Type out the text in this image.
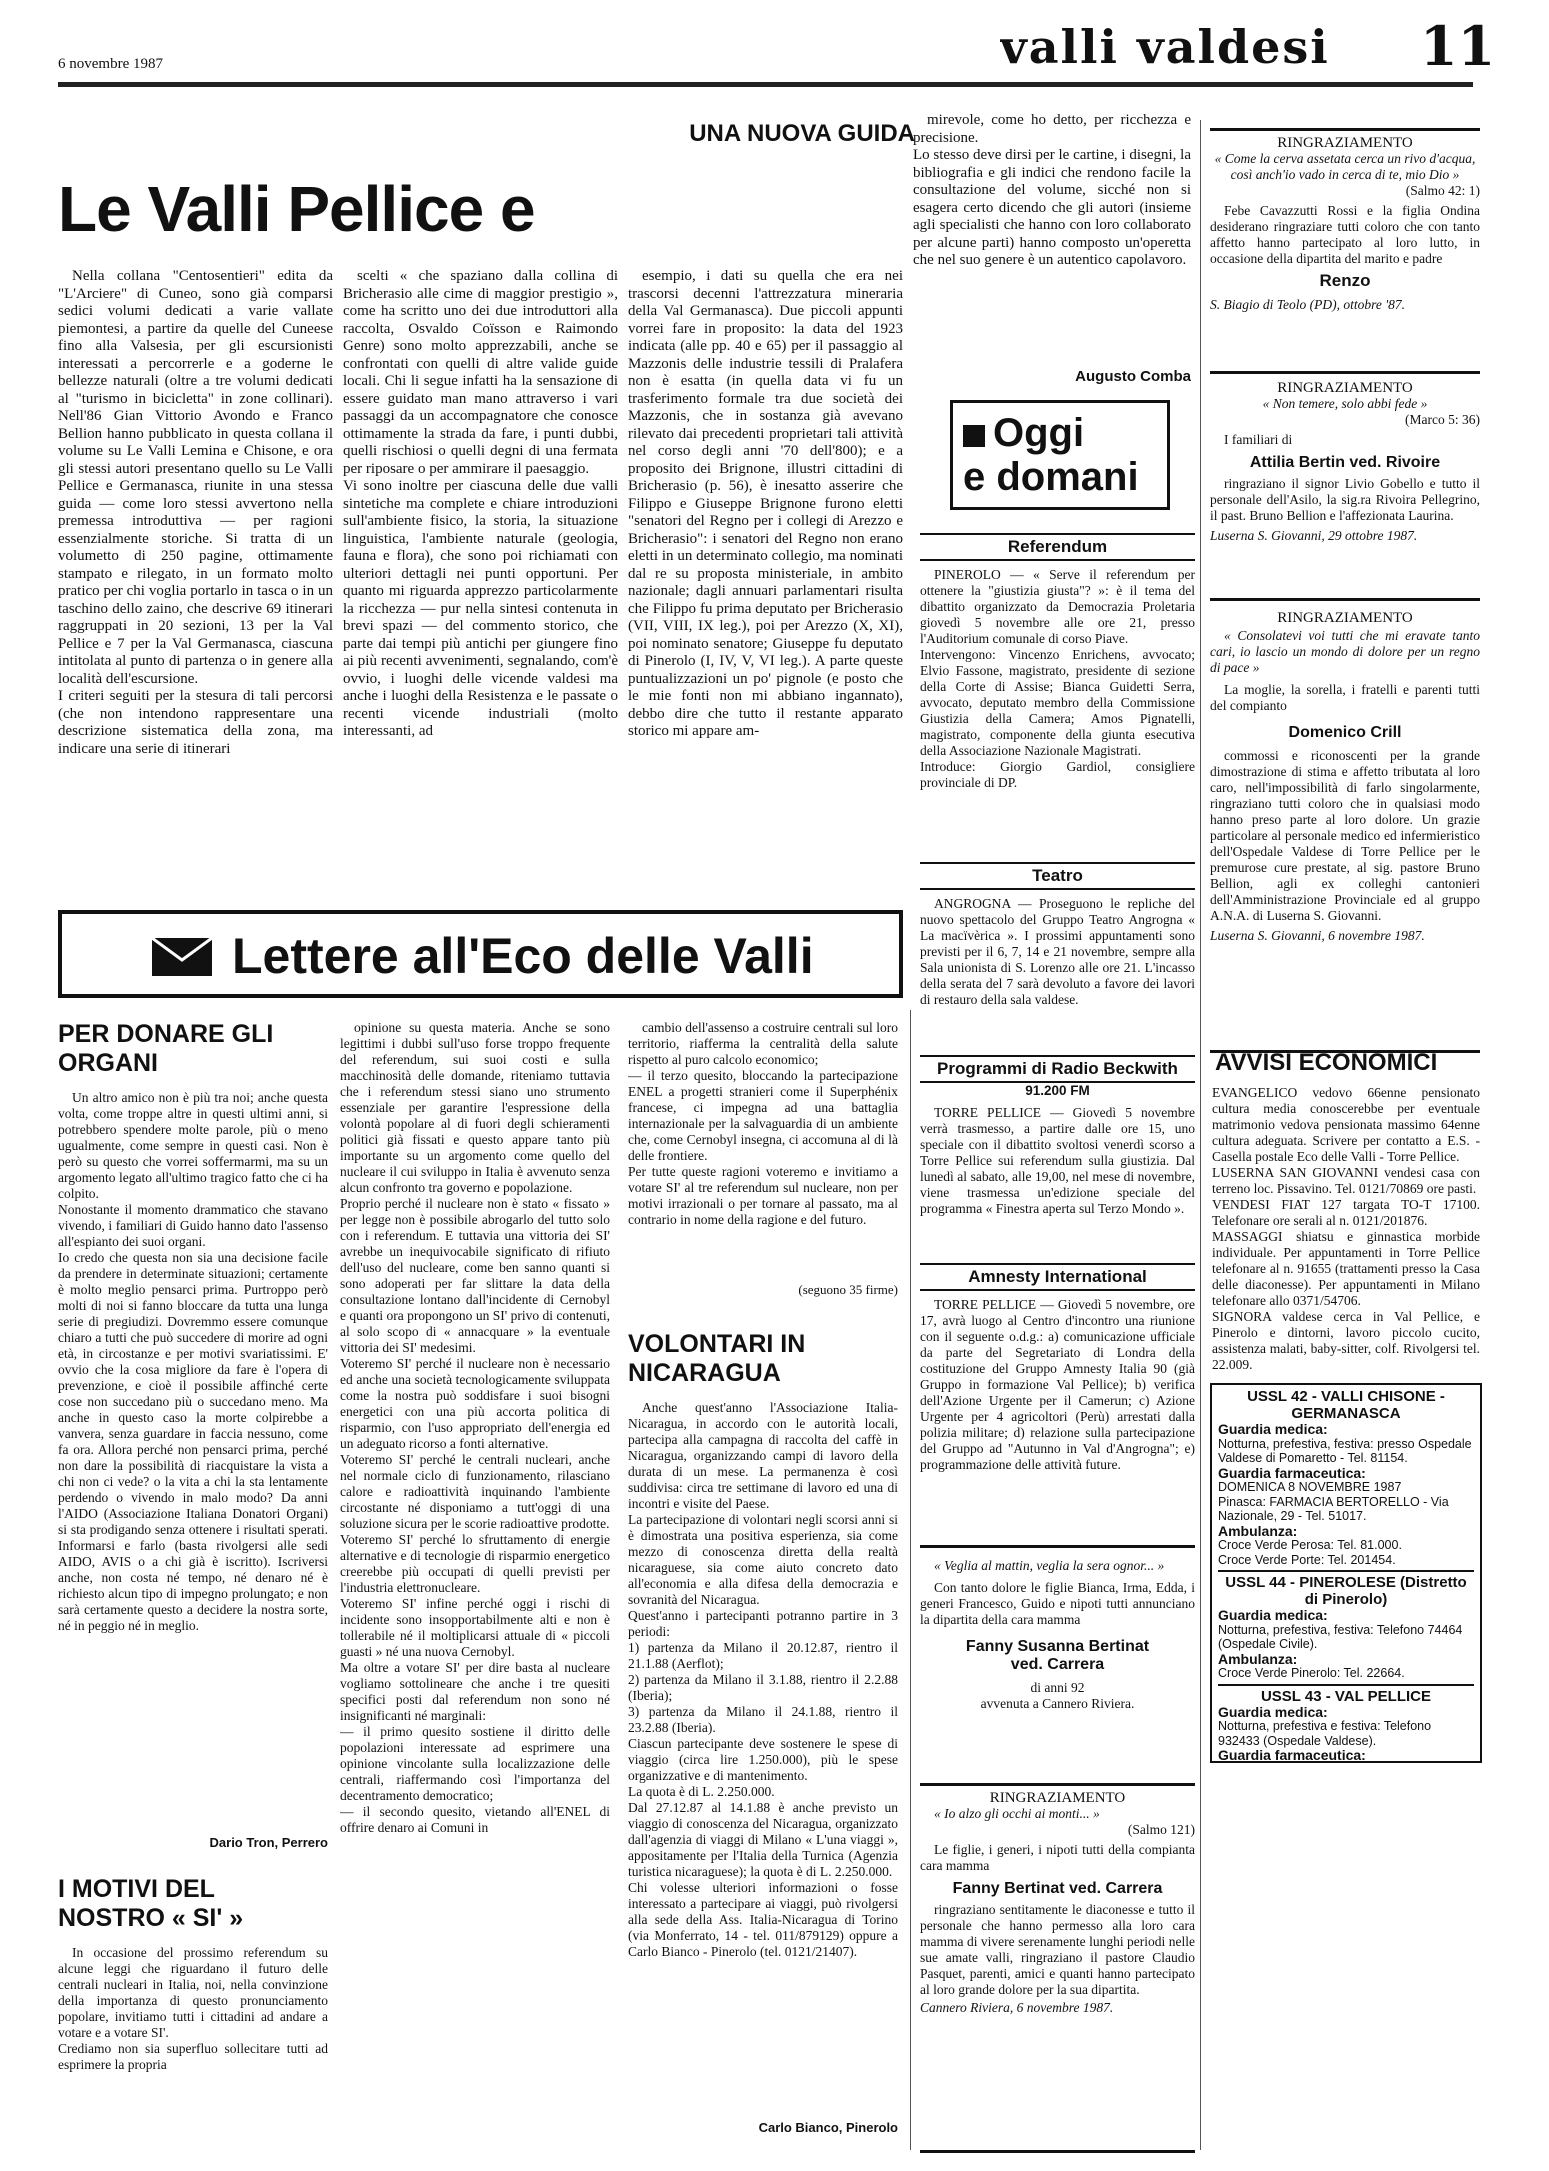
6 novembre 1987	valli valdesi	11
UNA NUOVA GUIDA
Le Valli Pellice e
Nella collana "Centosentieri" edita da "L'Arciere" di Cuneo, sono già comparsi sedici volumi dedicati a varie vallate piemontesi, a partire da quelle del Cuneese fino alla Valsesia, per gli escursionisti interessati a percorrerle e a goderne le bellezze naturali (oltre a tre volumi dedicati al "turismo in bicicletta" in zone collinari). Nell'86 Gian Vittorio Avondo e Franco Bellion hanno pubblicato in questa collana il volume su Le Valli Lemina e Chisone, e ora gli stessi autori presentano quello su Le Valli Pellice e Germanasca, riunite in una stessa guida — come loro stessi avvertono nella premessa introduttiva — per ragioni essenzialmente storiche. Si tratta di un volumetto di 250 pagine, ottimamente stampato e rilegato, in un formato molto pratico per chi voglia portarlo in tasca o in un taschino dello zaino, che descrive 69 itinerari raggruppati in 20 sezioni, 13 per la Val Pellice e 7 per la Val Germanasca, ciascuna intitolata al punto di partenza o in genere alla località dell'escursione.
I criteri seguiti per la stesura di tali percorsi (che non intendono rappresentare una descrizione sistematica della zona, ma indicare una serie di itinerari
scelti « che spaziano dalla collina di Bricherasio alle cime di maggior prestigio », come ha scritto uno dei due introduttori alla raccolta, Osvaldo Coïsson e Raimondo Genre) sono molto apprezzabili, anche se confrontati con quelli di altre valide guide locali. Chi li segue infatti ha la sensazione di essere guidato man mano attraverso i vari passaggi da un accompagnatore che conosce ottimamente la strada da fare, i punti dubbi, quelli rischiosi o quelli degni di una fermata per riposare o per ammirare il paesaggio.
Vi sono inoltre per ciascuna delle due valli sintetiche ma complete e chiare introduzioni sull'ambiente fisico, la storia, la situazione linguistica, l'ambiente naturale (geologia, fauna e flora), che sono poi richiamati con ulteriori dettagli nei punti opportuni. Per quanto mi riguarda apprezzo particolarmente la ricchezza — pur nella sintesi contenuta in brevi spazi — del commento storico, che parte dai tempi più antichi per giungere fino ai più recenti avvenimenti, segnalando, com'è ovvio, i luoghi delle vicende valdesi ma anche i luoghi della Resistenza e le passate o recenti vicende industriali (molto interessanti, ad
esempio, i dati su quella che era nei trascorsi decenni l'attrezzatura mineraria della Val Germanasca). Due piccoli appunti vorrei fare in proposito: la data del 1923 indicata (alle pp. 40 e 65) per il passaggio al Mazzonis delle industrie tessili di Pralafera non è esatta (in quella data vi fu un trasferimento formale tra due società dei Mazzonis, che in sostanza già avevano rilevato dai precedenti proprietari tali attività nel corso degli anni '70 dell'800); e a proposito dei Brignone, illustri cittadini di Bricherasio (p. 56), è inesatto asserire che Filippo e Giuseppe Brignone furono eletti "senatori del Regno per i collegi di Arezzo e Bricherasio": i senatori del Regno non erano eletti in un determinato collegio, ma nominati dal re su proposta ministeriale, in ambito nazionale; dagli annuari parlamentari risulta che Filippo fu prima deputato per Bricherasio (VII, VIII, IX leg.), poi per Arezzo (X, XI), poi nominato senatore; Giuseppe fu deputato di Pinerolo (I, IV, V, VI leg.). A parte queste puntualizzazioni un po' pignole (e posto che le mie fonti non mi abbiano ingannato), debbo dire che tutto il restante apparato storico mi appare am-
mirevole, come ho detto, per ricchezza e precisione.
Lo stesso deve dirsi per le cartine, i disegni, la bibliografia e gli indici che rendono facile la consultazione del volume, sicché non si esagera certo dicendo che gli autori (insieme agli specialisti che hanno con loro collaborato per alcune parti) hanno composto un'operetta che nel suo genere è un autentico capolavoro.
Augusto Comba
Oggi
e domani
Referendum
PINEROLO — « Serve il referendum per ottenere la "giustizia giusta"? »: è il tema del dibattito organizzato da Democrazia Proletaria giovedì 5 novembre alle ore 21, presso l'Auditorium comunale di corso Piave.
Intervengono: Vincenzo Enrichens, avvocato; Elvio Fassone, magistrato, presidente di sezione della Corte di Assise; Bianca Guidetti Serra, avvocato, deputato membro della Commissione Giustizia della Camera; Amos Pignatelli, magistrato, componente della giunta esecutiva della Associazione Nazionale Magistrati.
Introduce: Giorgio Gardiol, consigliere provinciale di DP.
Teatro
ANGROGNA — Proseguono le repliche del nuovo spettacolo del Gruppo Teatro Angrogna « La macïvèrica ». I prossimi appuntamenti sono previsti per il 6, 7, 14 e 21 novembre, sempre alla Sala unionista di S. Lorenzo alle ore 21. L'incasso della serata del 7 sarà devoluto a favore dei lavori di restauro della sala valdese.
Programmi di Radio Beckwith
91.200 FM
TORRE PELLICE — Giovedì 5 novembre verrà trasmesso, a partire dalle ore 15, uno speciale con il dibattito svoltosi venerdì scorso a Torre Pellice sui referendum sulla giustizia. Dal lunedì al sabato, alle 19,00, nel mese di novembre, viene trasmessa un'edizione speciale del programma « Finestra aperta sul Terzo Mondo ».
Amnesty International
TORRE PELLICE — Giovedì 5 novembre, ore 17, avrà luogo al Centro d'incontro una riunione con il seguente o.d.g.: a) comunicazione ufficiale da parte del Segretariato di Londra della costituzione del Gruppo Amnesty Italia 90 (già Gruppo in formazione Val Pellice); b) verifica dell'Azione Urgente per il Camerun; c) Azione Urgente per 4 agricoltori (Perù) arrestati dalla polizia militare; d) relazione sulla partecipazione del Gruppo ad "Autunno in Val d'Angrogna"; e) programmazione delle attività future.
RINGRAZIAMENTO
« Come la cerva assetata cerca un rivo d'acqua, così anch'io vado in cerca di te, mio Dio »
(Salmo 42: 1)
Febe Cavazzutti Rossi e la figlia Ondina desiderano ringraziare tutti coloro che con tanto affetto hanno partecipato al loro lutto, in occasione della dipartita del marito e padre
Renzo
S. Biagio di Teolo (PD), ottobre '87.
RINGRAZIAMENTO
« Non temere, solo abbi fede »
(Marco 5: 36)
I familiari di
Attilia Bertin ved. Rivoire
ringraziano il signor Livio Gobello e tutto il personale dell'Asilo, la sig.ra Rivoira Pellegrino, il past. Bruno Bellion e l'affezionata Laurina.
Luserna S. Giovanni, 29 ottobre 1987.
RINGRAZIAMENTO
« Consolatevi voi tutti che mi eravate tanto cari, io lascio un mondo di dolore per un regno di pace »
La moglie, la sorella, i fratelli e parenti tutti del compianto
Domenico Crill
commossi e riconoscenti per la grande dimostrazione di stima e affetto tributata al loro caro, nell'impossibilità di farlo singolarmente, ringraziano tutti coloro che in qualsiasi modo hanno preso parte al loro dolore. Un grazie particolare al personale medico ed infermieristico dell'Ospedale Valdese di Torre Pellice per le premurose cure prestate, al sig. pastore Bruno Bellion, agli ex colleghi cantonieri dell'Amministrazione Provinciale ed al gruppo A.N.A. di Luserna S. Giovanni.
Luserna S. Giovanni, 6 novembre 1987.
AVVISI ECONOMICI
EVANGELICO vedovo 66enne pensionato cultura media conoscerebbe per eventuale matrimonio vedova pensionata massimo 64enne cultura adeguata. Scrivere per contatto a E.S. - Casella postale Eco delle Valli - Torre Pellice.
LUSERNA SAN GIOVANNI vendesi casa con terreno loc. Pissavino. Tel. 0121/70869 ore pasti.
VENDESI FIAT 127 targata TO-T 17100. Telefonare ore serali al n. 0121/201876.
MASSAGGI shiatsu e ginnastica morbide individuale. Per appuntamenti in Torre Pellice telefonare al n. 91655 (trattamenti presso la Casa delle diaconesse). Per appuntamenti in Milano telefonare allo 0371/54706.
SIGNORA valdese cerca in Val Pellice, e Pinerolo e dintorni, lavoro piccolo cucito, assistenza malati, baby-sitter, colf. Rivolgersi tel. 22.009.
USSL 42 - VALLI CHISONE - GERMANASCA
Guardia medica:
Notturna, prefestiva, festiva: presso Ospedale Valdese di Pomaretto - Tel. 81154.
Guardia farmaceutica:
DOMENICA 8 NOVEMBRE 1987
Pinasca: FARMACIA BERTORELLO - Via Nazionale, 29 - Tel. 51017.
Ambulanza:
Croce Verde Perosa: Tel. 81.000.
Croce Verde Porte: Tel. 201454.
USSL 44 - PINEROLESE (Distretto di Pinerolo)
Guardia medica:
Notturna, prefestiva, festiva: Telefono 74464 (Ospedale Civile).
Ambulanza:
Croce Verde Pinerolo: Tel. 22664.
USSL 43 - VAL PELLICE
Guardia medica:
Notturna, prefestiva e festiva: Telefono 932433 (Ospedale Valdese).
Guardia farmaceutica:
Lettere all'Eco delle Valli
PER DONARE GLI ORGANI
Un altro amico non è più tra noi; anche questa volta, come troppe altre in questi ultimi anni, si potrebbero spendere molte parole, più o meno ugualmente, come sempre in questi casi. Non è però su questo che vorrei soffermarmi, ma su un argomento legato all'ultimo tragico fatto che ci ha colpito.
Nonostante il momento drammatico che stavano vivendo, i familiari di Guido hanno dato l'assenso all'espianto dei suoi organi.
Io credo che questa non sia una decisione facile da prendere in determinate situazioni; certamente è molto meglio pensarci prima. Purtroppo però molti di noi si fanno bloccare da tutta una lunga serie di pregiudizi. Dovremmo essere comunque chiaro a tutti che può succedere di morire ad ogni età, in circostanze e per motivi svariatissimi. E' ovvio che la cosa migliore da fare è l'opera di prevenzione, e cioè il possibile affinché certe cose non succedano più o succedano meno. Ma anche in questo caso la morte colpirebbe a vanvera, senza guardare in faccia nessuno, come fa ora. Allora perché non pensarci prima, perché non dare la possibilità di riacquistare la vista a chi non ci vede? o la vita a chi la sta lentamente perdendo o vivendo in malo modo? Da anni l'AIDO (Associazione Italiana Donatori Organi) si sta prodigando senza ottenere i risultati sperati. Informarsi e farlo (basta rivolgersi alle sedi AIDO, AVIS o a chi già è iscritto). Iscriversi anche, non costa né tempo, né denaro né è richiesto alcun tipo di impegno prolungato; e non sarà certamente questo a decidere la nostra sorte, né in peggio né in meglio.
Dario Tron, Perrero
I MOTIVI DEL NOSTRO « SI' »
In occasione del prossimo referendum su alcune leggi che riguardano il futuro delle centrali nucleari in Italia, noi, nella convinzione della importanza di questo pronunciamento popolare, invitiamo tutti i cittadini ad andare a votare e a votare SI'.
Crediamo non sia superfluo sollecitare tutti ad esprimere la propria
opinione su questa materia. Anche se sono legittimi i dubbi sull'uso forse troppo frequente del referendum, sui suoi costi e sulla macchinosità delle domande, riteniamo tuttavia che i referendum stessi siano uno strumento essenziale per garantire l'espressione della volontà popolare al di fuori degli schieramenti politici già fissati e questo appare tanto più importante su un argomento come quello del nucleare il cui sviluppo in Italia è avvenuto senza alcun confronto tra governo e popolazione.
Proprio perché il nucleare non è stato « fissato » per legge non è possibile abrogarlo del tutto solo con i referendum. E tuttavia una vittoria dei SI' avrebbe un inequivocabile significato di rifiuto dell'uso del nucleare, come ben sanno quanti si sono adoperati per far slittare la data della consultazione lontano dall'incidente di Cernobyl e quanti ora propongono un SI' privo di contenuti, al solo scopo di « annacquare » la eventuale vittoria dei SI' medesimi.
Voteremo SI' perché il nucleare non è necessario ed anche una società tecnologicamente sviluppata come la nostra può soddisfare i suoi bisogni energetici con una più accorta politica di risparmio, con l'uso appropriato dell'energia ed un adeguato ricorso a fonti alternative.
Voteremo SI' perché le centrali nucleari, anche nel normale ciclo di funzionamento, rilasciano calore e radioattività inquinando l'ambiente circostante né disponiamo a tutt'oggi di una soluzione sicura per le scorie radioattive prodotte.
Voteremo SI' perché lo sfruttamento di energie alternative e di tecnologie di risparmio energetico creerebbe più occupati di quelli previsti per l'industria elettronucleare.
Voteremo SI' infine perché oggi i rischi di incidente sono insopportabilmente alti e non è tollerabile né il moltiplicarsi attuale di « piccoli guasti » né una nuova Cernobyl.
Ma oltre a votare SI' per dire basta al nucleare vogliamo sottolineare che anche i tre quesiti specifici posti dal referendum non sono né insignificanti né marginali:
— il primo quesito sostiene il diritto delle popolazioni interessate ad esprimere una opinione vincolante sulla localizzazione delle centrali, riaffermando così l'importanza del decentramento democratico;
— il secondo quesito, vietando all'ENEL di offrire denaro ai Comuni in
cambio dell'assenso a costruire centrali sul loro territorio, riafferma la centralità della salute rispetto al puro calcolo economico;
— il terzo quesito, bloccando la partecipazione ENEL a progetti stranieri come il Superphénix francese, ci impegna ad una battaglia internazionale per la salvaguardia di un ambiente che, come Cernobyl insegna, ci accomuna al di là delle frontiere.
Per tutte queste ragioni voteremo e invitiamo a votare SI' al tre referendum sul nucleare, non per motivi irrazionali o per tornare al passato, ma al contrario in nome della ragione e del futuro.
(seguono 35 firme)
VOLONTARI IN NICARAGUA
Anche quest'anno l'Associazione Italia-Nicaragua, in accordo con le autorità locali, partecipa alla campagna di raccolta del caffè in Nicaragua, organizzando campi di lavoro della durata di un mese. La permanenza è così suddivisa: circa tre settimane di lavoro ed una di incontri e visite del Paese.
La partecipazione di volontari negli scorsi anni si è dimostrata una positiva esperienza, sia come mezzo di conoscenza diretta della realtà nicaraguese, sia come aiuto concreto dato all'economia e alla difesa della democrazia e sovranità del Nicaragua.
Quest'anno i partecipanti potranno partire in 3 periodi:
1) partenza da Milano il 20.12.87, rientro il 21.1.88 (Aerflot);
2) partenza da Milano il 3.1.88, rientro il 2.2.88 (Iberia);
3) partenza da Milano il 24.1.88, rientro il 23.2.88 (Iberia).
Ciascun partecipante deve sostenere le spese di viaggio (circa lire 1.250.000), più le spese organizzative e di mantenimento.
La quota è di L. 2.250.000.
Dal 27.12.87 al 14.1.88 è anche previsto un viaggio di conoscenza del Nicaragua, organizzato dall'agenzia di viaggi di Milano « L'una viaggi », appositamente per l'Italia della Turnica (Agenzia turistica nicaraguese); la quota è di L. 2.250.000.
Chi volesse ulteriori informazioni o fosse interessato a partecipare ai viaggi, può rivolgersi alla sede della Ass. Italia-Nicaragua di Torino (via Monferrato, 14 - tel. 011/879129) oppure a Carlo Bianco - Pinerolo (tel. 0121/21407).
Carlo Bianco, Pinerolo
« Veglia al mattin, veglia la sera ognor... »
Con tanto dolore le figlie Bianca, Irma, Edda, i generi Francesco, Guido e nipoti tutti annunciano la dipartita della cara mamma
Fanny Susanna Bertinat
ved. Carrera
di anni 92
avvenuta a Cannero Riviera.
RINGRAZIAMENTO
« Io alzo gli occhi ai monti... »
(Salmo 121)
Le figlie, i generi, i nipoti tutti della compianta cara mamma
Fanny Bertinat ved. Carrera
ringraziano sentitamente le diaconesse e tutto il personale che hanno permesso alla loro cara mamma di vivere serenamente lunghi periodi nelle sue amate valli, ringraziano il pastore Claudio Pasquet, parenti, amici e quanti hanno partecipato al loro grande dolore per la sua dipartita.
Cannero Riviera, 6 novembre 1987.
